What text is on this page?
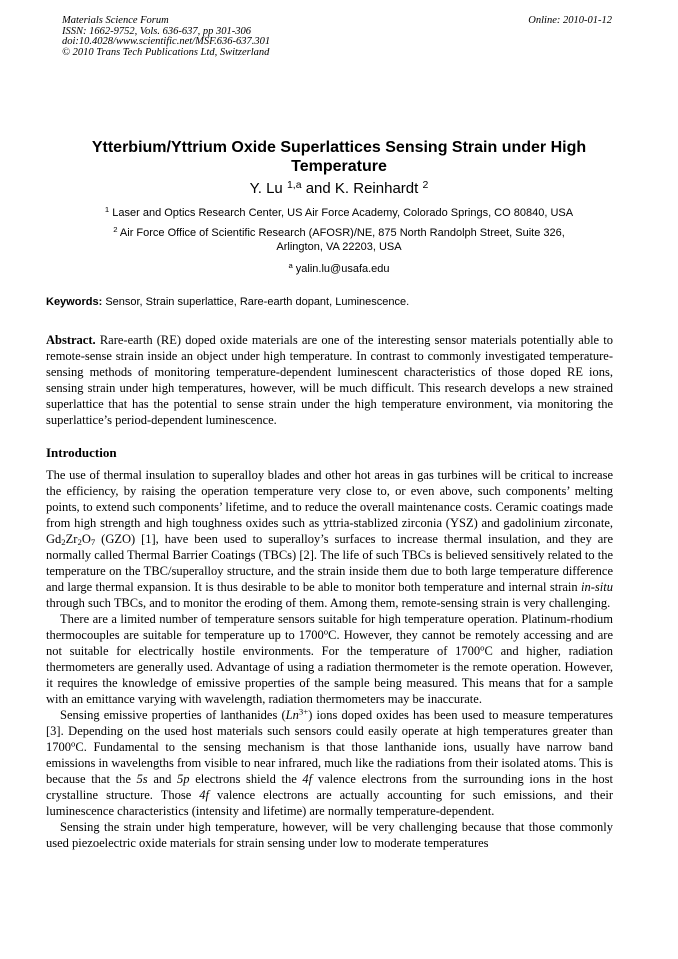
Materials Science Forum
ISSN: 1662-9752, Vols. 636-637, pp 301-306
doi:10.4028/www.scientific.net/MSF.636-637.301
© 2010 Trans Tech Publications Ltd, Switzerland
Online: 2010-01-12
Ytterbium/Yttrium Oxide Superlattices Sensing Strain under High Temperature
Y. Lu $^{1,a}$ and K. Reinhardt $^2$
$^1$ Laser and Optics Research Center, US Air Force Academy, Colorado Springs, CO 80840, USA
$^2$ Air Force Office of Scientific Research (AFOSR)/NE, 875 North Randolph Street, Suite 326,
Arlington, VA 22203, USA
$^a$ yalin.lu@usafa.edu
Keywords: Sensor, Strain superlattice, Rare-earth dopant, Luminescence.

Abstract. Rare-earth (RE) doped oxide materials are one of the interesting sensor materials potentially able to remote-sense strain inside an object under high temperature. In contrast to commonly investigated temperature-sensing methods of monitoring temperature-dependent luminescent characteristics of those doped RE ions, sensing strain under high temperatures, however, will be much difficult. This research develops a new strained superlattice that has the potential to sense strain under the high temperature environment, via monitoring the superlattice’s period-dependent luminescence.

Introduction

The use of thermal insulation to superalloy blades and other hot areas in gas turbines will be critical to increase the efficiency, by raising the operation temperature very close to, or even above, such components’ melting points, to extend such components’ lifetime, and to reduce the overall maintenance costs. Ceramic coatings made from high strength and high toughness oxides such as yttria-stablized zirconia (YSZ) and gadolinium zirconate, $Gd_2Zr_2O_7$ (GZO) [1], have been used to superalloy’s surfaces to increase thermal insulation, and they are normally called Thermal Barrier Coatings (TBCs) [2]. The life of such TBCs is believed sensitively related to the temperature on the TBC/superalloy structure, and the strain inside them due to both large temperature difference and large thermal expansion. It is thus desirable to be able to monitor both temperature and internal strain in-situ through such TBCs, and to monitor the eroding of them. Among them, remote-sensing strain is very challenging.

There are a limited number of temperature sensors suitable for high temperature operation. Platinum-rhodium thermocouples are suitable for temperature up to 1700$^o$C. However, they cannot be remotely accessing and are not suitable for electrically hostile environments. For the temperature of 1700$^o$C and higher, radiation thermometers are generally used. Advantage of using a radiation thermometer is the remote operation. However, it requires the knowledge of emissive properties of the sample being measured. This means that for a sample with an emittance varying with wavelength, radiation thermometers may be inaccurate.

Sensing emissive properties of lanthanides $(Ln^{3+})$ ions doped oxides has been used to measure temperatures [3]. Depending on the used host materials such sensors could easily operate at high temperatures greater than 1700$^o$C. Fundamental to the sensing mechanism is that those lanthanide ions, usually have narrow band emissions in wavelengths from visible to near infrared, much like the radiations from their isolated atoms. This is because that the 5s and 5p electrons shield the 4f valence electrons from the surrounding ions in the host crystalline structure. Those 4f valence electrons are actually accounting for such emissions, and their luminescence characteristics (intensity and lifetime) are normally temperature-dependent.

Sensing the strain under high temperature, however, will be very challenging because that those commonly used piezoelectric oxide materials for strain sensing under low to moderate temperatures
